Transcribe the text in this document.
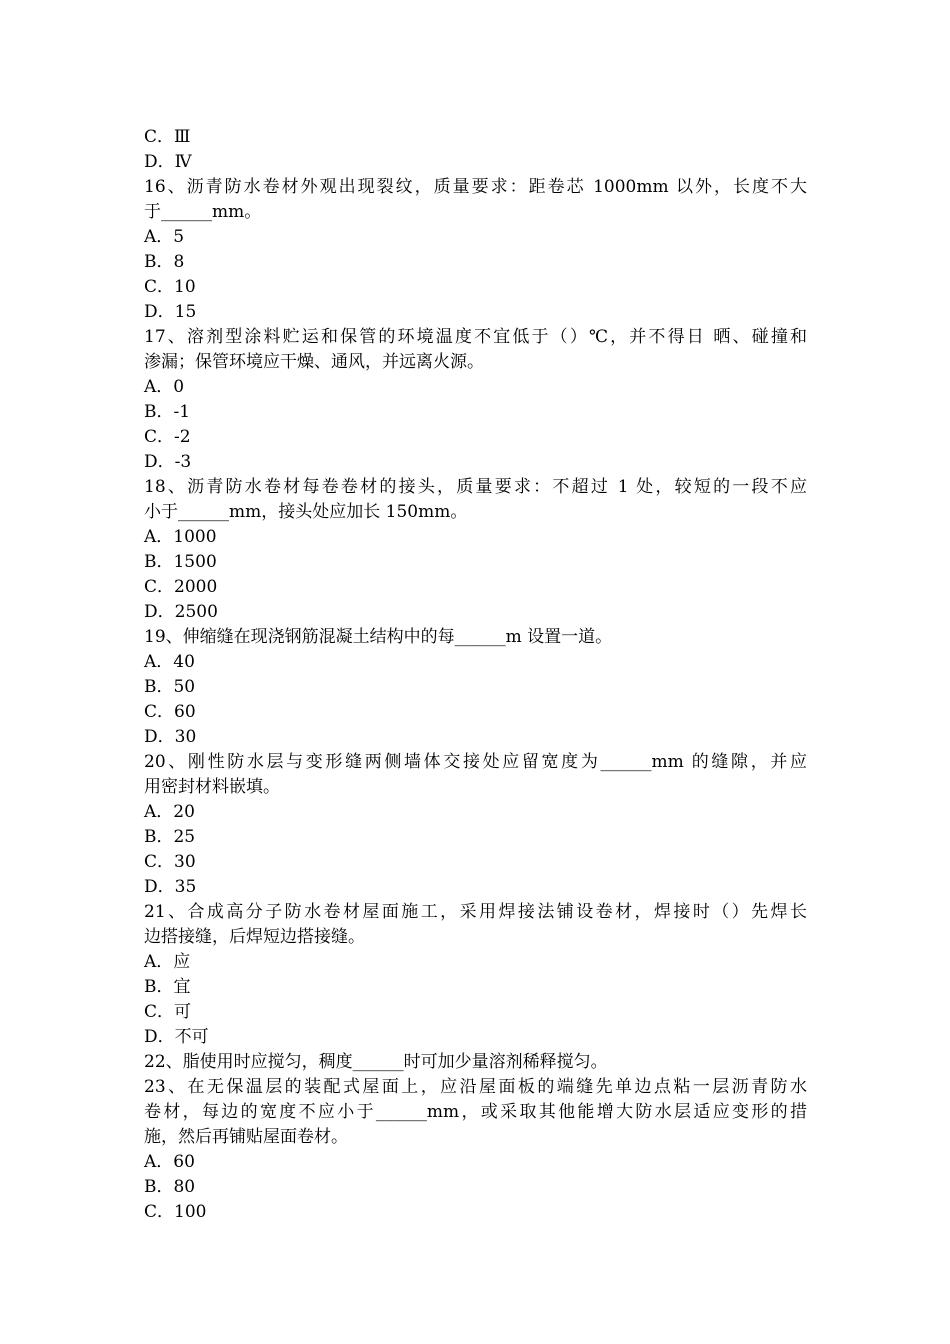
C．Ⅲ
D．Ⅳ
16、沥青防水卷材外观出现裂纹，质量要求：距卷芯 1000mm 以外，长度不大
于______mm。
A．5
B．8
C．10
D．15
17、溶剂型涂料贮运和保管的环境温度不宜低于（）℃，并不得日 晒、碰撞和
渗漏；保管环境应干燥、通风，并远离火源。
A．0
B．-1
C．-2
D．-3
18、沥青防水卷材每卷卷材的接头，质量要求：不超过 1 处，较短的一段不应
小于______mm，接头处应加长 150mm。
A．1000
B．1500
C．2000
D．2500
19、伸缩缝在现浇钢筋混凝土结构中的每______m 设置一道。
A．40
B．50
C．60
D．30
20、刚性防水层与变形缝两侧墙体交接处应留宽度为______mm 的缝隙，并应
用密封材料嵌填。
A．20
B．25
C．30
D．35
21、合成高分子防水卷材屋面施工，采用焊接法铺设卷材，焊接时（）先焊长
边搭接缝，后焊短边搭接缝。
A．应
B．宜
C．可
D．不可
22、脂使用时应搅匀，稠度______时可加少量溶剂稀释搅匀。
23、在无保温层的装配式屋面上，应沿屋面板的端缝先单边点粘一层沥青防水
卷材，每边的宽度不应小于______mm，或采取其他能增大防水层适应变形的措
施，然后再铺贴屋面卷材。
A．60
B．80
C．100
